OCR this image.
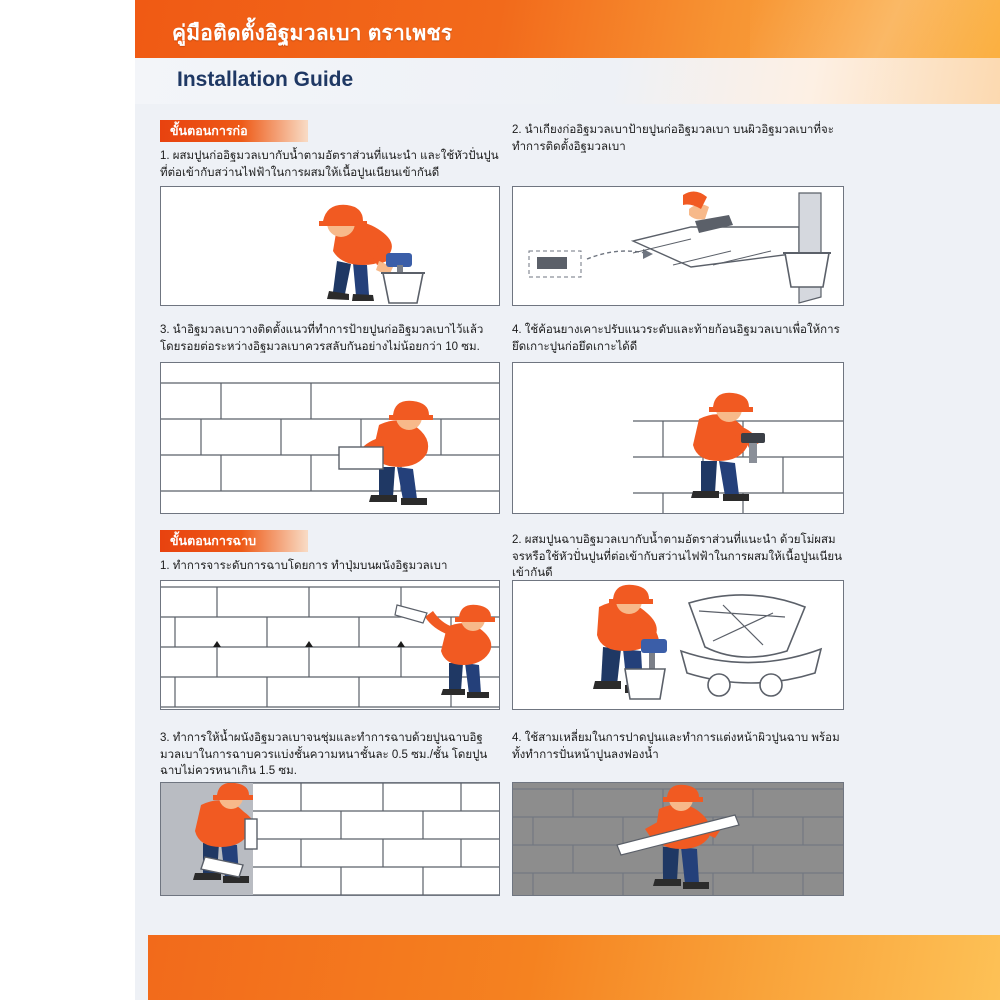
คู่มือติดตั้งอิฐมวลเบา ตราเพชร
Installation Guide
ขั้นตอนการก่อ
1. ผสมปูนก่ออิฐมวลเบากับน้ำตามอัตราส่วนที่แนะนำ และใช้หัวปั่นปูนที่ต่อเข้ากับสว่านไฟฟ้าในการผสมให้เนื้อปูนเนียนเข้ากันดี
2. นำเกียงก่ออิฐมวลเบาป้ายปูนก่ออิฐมวลเบา บนผิวอิฐมวลเบาที่จะทำการติดตั้งอิฐมวลเบา
3. นำอิฐมวลเบาวางติดตั้งแนวที่ทำการป้ายปูนก่ออิฐมวลเบาไว้แล้ว โดยรอยต่อระหว่างอิฐมวลเบาควรสลับกันอย่างไม่น้อยกว่า 10 ซม.
4. ใช้ค้อนยางเคาะปรับแนวระดับและท้ายก้อนอิฐมวลเบาเพื่อให้การยึดเกาะปูนก่อยึดเกาะได้ดี
ขั้นตอนการฉาบ
1. ทำการจาระดับการฉาบโดยการ ทำปุ่มบนผนังอิฐมวลเบา
2. ผสมปูนฉาบอิฐมวลเบากับน้ำตามอัตราส่วนที่แนะนำ ด้วยโม่ผสมจรหรือใช้หัวปั่นปูนที่ต่อเข้ากับสว่านไฟฟ้าในการผสมให้เนื้อปูนเนียนเข้ากันดี
3. ทำการให้น้ำผนังอิฐมวลเบาจนชุ่มและทำการฉาบด้วยปูนฉาบอิฐมวลเบาในการฉาบควรแบ่งชั้นความหนาชั้นละ 0.5 ซม./ชั้น โดยปูนฉาบไม่ควรหนาเกิน 1.5 ซม.
4. ใช้สามเหลี่ยมในการปาดปูนและทำการแต่งหน้าผิวปูนฉาบ พร้อมทั้งทำการปั่นหน้าปูนลงฟองน้ำ
